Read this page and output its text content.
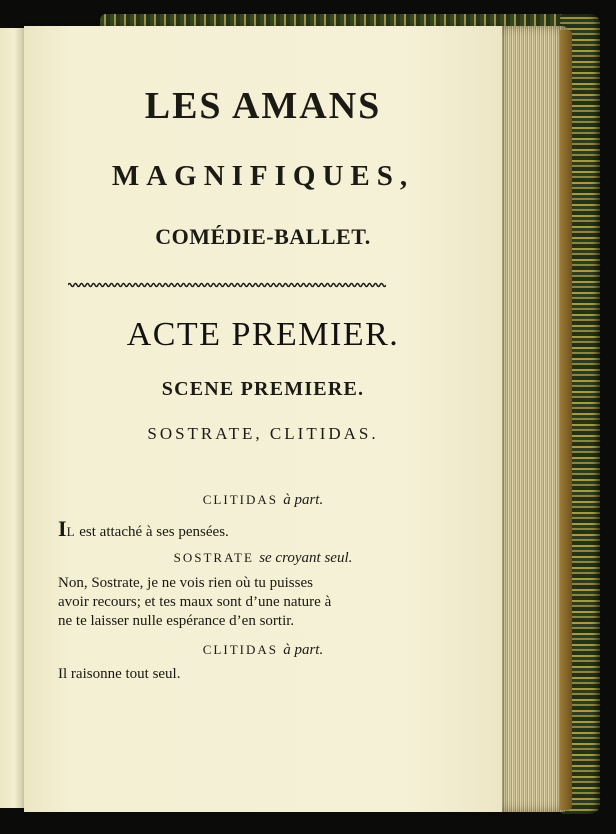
LES AMANS
MAGNIFIQUES,
COMÉDIE-BALLET.
ACTE PREMIER.
SCENE PREMIERE.
SOSTRATE, CLITIDAS.
CLITIDAS à part.
IL est attaché à ses pensées.
SOSTRATE se croyant seul.
Non, Sostrate, je ne vois rien où tu puisses
avoir recours; et tes maux sont d’une nature à
ne te laisser nulle espérance d’en sortir.
CLITIDAS à part.
Il raisonne tout seul.
